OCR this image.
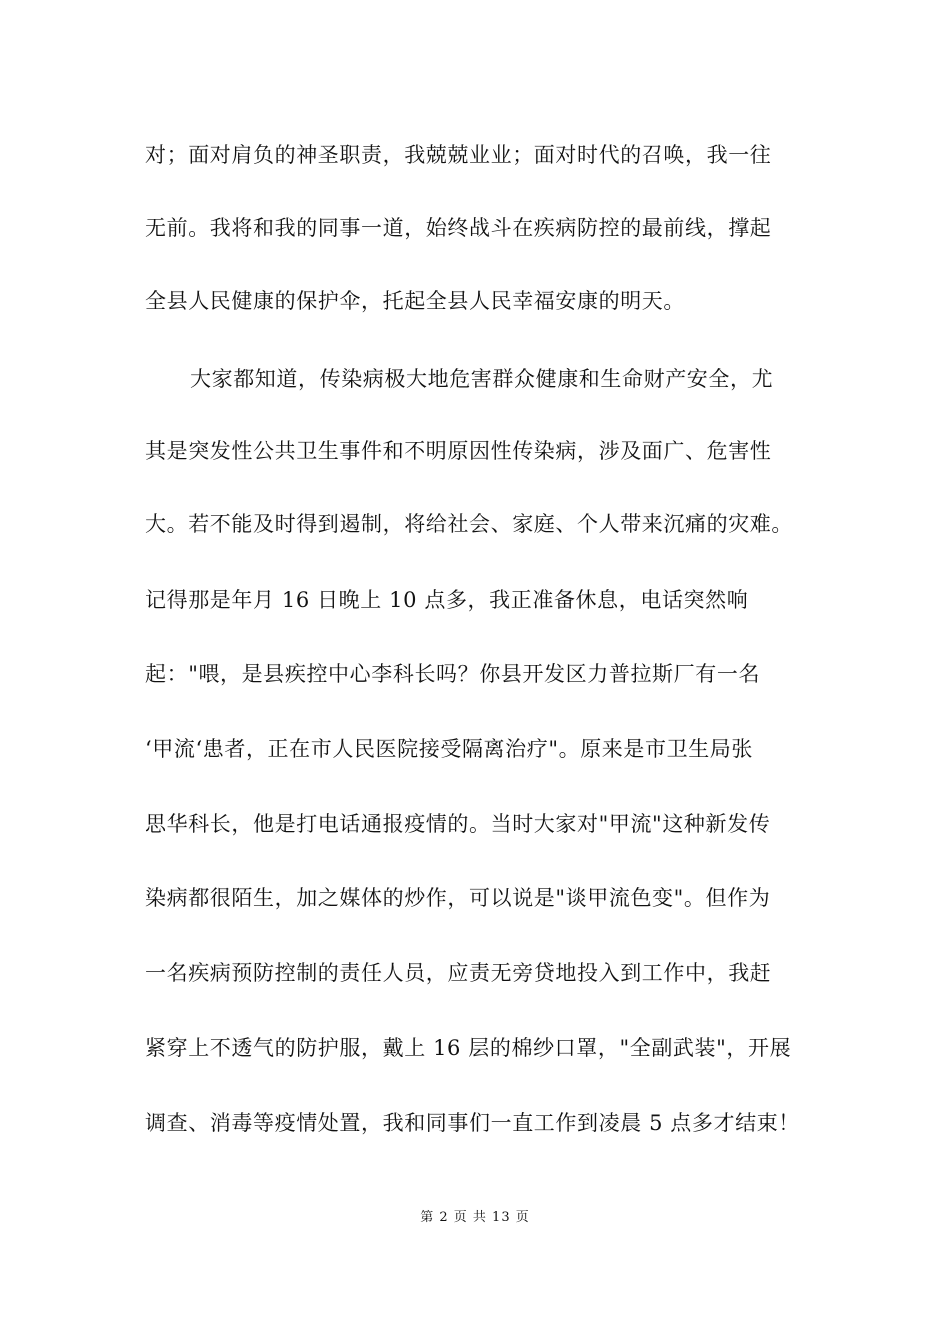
对；面对肩负的神圣职责，我兢兢业业；面对时代的召唤，我一往
无前。我将和我的同事一道，始终战斗在疾病防控的最前线，撑起
全县人民健康的保护伞，托起全县人民幸福安康的明天。
大家都知道，传染病极大地危害群众健康和生命财产安全，尤
其是突发性公共卫生事件和不明原因性传染病，涉及面广、危害性
大。若不能及时得到遏制，将给社会、家庭、个人带来沉痛的灾难。
记得那是年月 16 日晚上 10 点多，我正准备休息，电话突然响
起："喂，是县疾控中心李科长吗？你县开发区力普拉斯厂有一名
‘甲流‘患者，正在市人民医院接受隔离治疗"。原来是市卫生局张
思华科长，他是打电话通报疫情的。当时大家对"甲流"这种新发传
染病都很陌生，加之媒体的炒作，可以说是"谈甲流色变"。但作为
一名疾病预防控制的责任人员，应责无旁贷地投入到工作中，我赶
紧穿上不透气的防护服，戴上 16 层的棉纱口罩，"全副武装"，开展
调查、消毒等疫情处置，我和同事们一直工作到凌晨 5 点多才结束！
第 2 页 共 13 页
